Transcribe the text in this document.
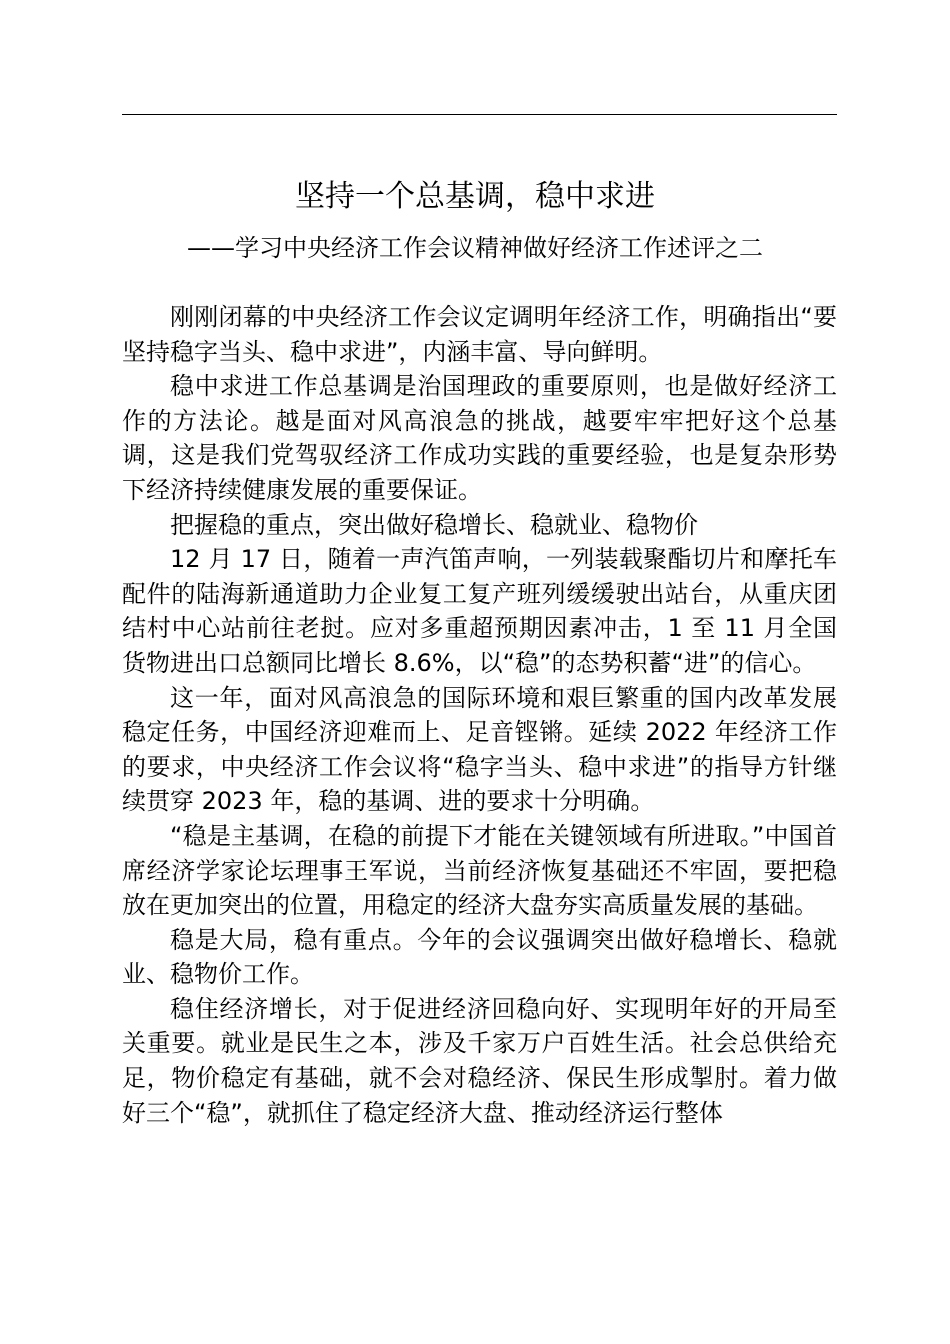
坚持一个总基调，稳中求进
——学习中央经济工作会议精神做好经济工作述评之二

刚刚闭幕的中央经济工作会议定调明年经济工作，明确指出“要坚持稳字当头、稳中求进”，内涵丰富、导向鲜明。

稳中求进工作总基调是治国理政的重要原则，也是做好经济工作的方法论。越是面对风高浪急的挑战，越要牢牢把好这个总基调，这是我们党驾驭经济工作成功实践的重要经验，也是复杂形势下经济持续健康发展的重要保证。

把握稳的重点，突出做好稳增长、稳就业、稳物价

12 月 17 日，随着一声汽笛声响，一列装载聚酯切片和摩托车配件的陆海新通道助力企业复工复产班列缓缓驶出站台，从重庆团结村中心站前往老挝。应对多重超预期因素冲击，1 至 11 月全国货物进出口总额同比增长 8.6%，以“稳”的态势积蓄“进”的信心。

这一年，面对风高浪急的国际环境和艰巨繁重的国内改革发展稳定任务，中国经济迎难而上、足音铿锵。延续 2022 年经济工作的要求，中央经济工作会议将“稳字当头、稳中求进”的指导方针继续贯穿 2023 年，稳的基调、进的要求十分明确。

“稳是主基调，在稳的前提下才能在关键领域有所进取。”中国首席经济学家论坛理事王军说，当前经济恢复基础还不牢固，要把稳放在更加突出的位置，用稳定的经济大盘夯实高质量发展的基础。

稳是大局，稳有重点。今年的会议强调突出做好稳增长、稳就业、稳物价工作。

稳住经济增长，对于促进经济回稳向好、实现明年好的开局至关重要。就业是民生之本，涉及千家万户百姓生活。社会总供给充足，物价稳定有基础，就不会对稳经济、保民生形成掣肘。着力做好三个“稳”，就抓住了稳定经济大盘、推动经济运行整体
